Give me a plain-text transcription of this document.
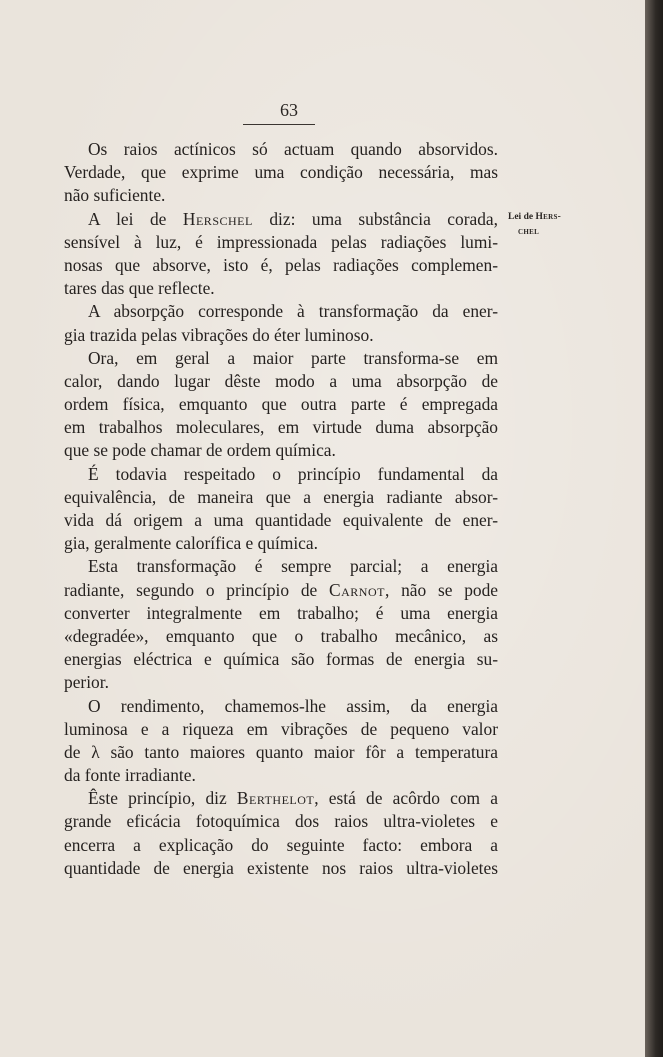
63
Os raios actínicos só actuam quando absorvidos.
Verdade, que exprime uma condição necessária, mas
não suficiente.
A lei de Herschel diz: uma substância corada,
sensível à luz, é impressionada pelas radiações lumi-
nosas que absorve, isto é, pelas radiações complemen-
tares das que reflecte.
A absorpção corresponde à transformação da ener-
gia trazida pelas vibrações do éter luminoso.
Ora, em geral a maior parte transforma-se em
calor, dando lugar dêste modo a uma absorpção de
ordem física, emquanto que outra parte é empregada
em trabalhos moleculares, em virtude duma absorpção
que se pode chamar de ordem química.
É todavia respeitado o princípio fundamental da
equivalência, de maneira que a energia radiante absor-
vida dá origem a uma quantidade equivalente de ener-
gia, geralmente calorífica e química.
Esta transformação é sempre parcial; a energia
radiante, segundo o princípio de Carnot, não se pode
converter integralmente em trabalho; é uma energia
«degradée», emquanto que o trabalho mecânico, as
energias eléctrica e química são formas de energia su-
perior.
O rendimento, chamemos-lhe assim, da energia
luminosa e a riqueza em vibrações de pequeno valor
de λ são tanto maiores quanto maior fôr a temperatura
da fonte irradiante.
Êste princípio, diz Berthelot, está de acôrdo com a
grande eficácia fotoquímica dos raios ultra-violetes e
encerra a explicação do seguinte facto: embora a
quantidade de energia existente nos raios ultra-violetes
Lei de Hers-
chel
